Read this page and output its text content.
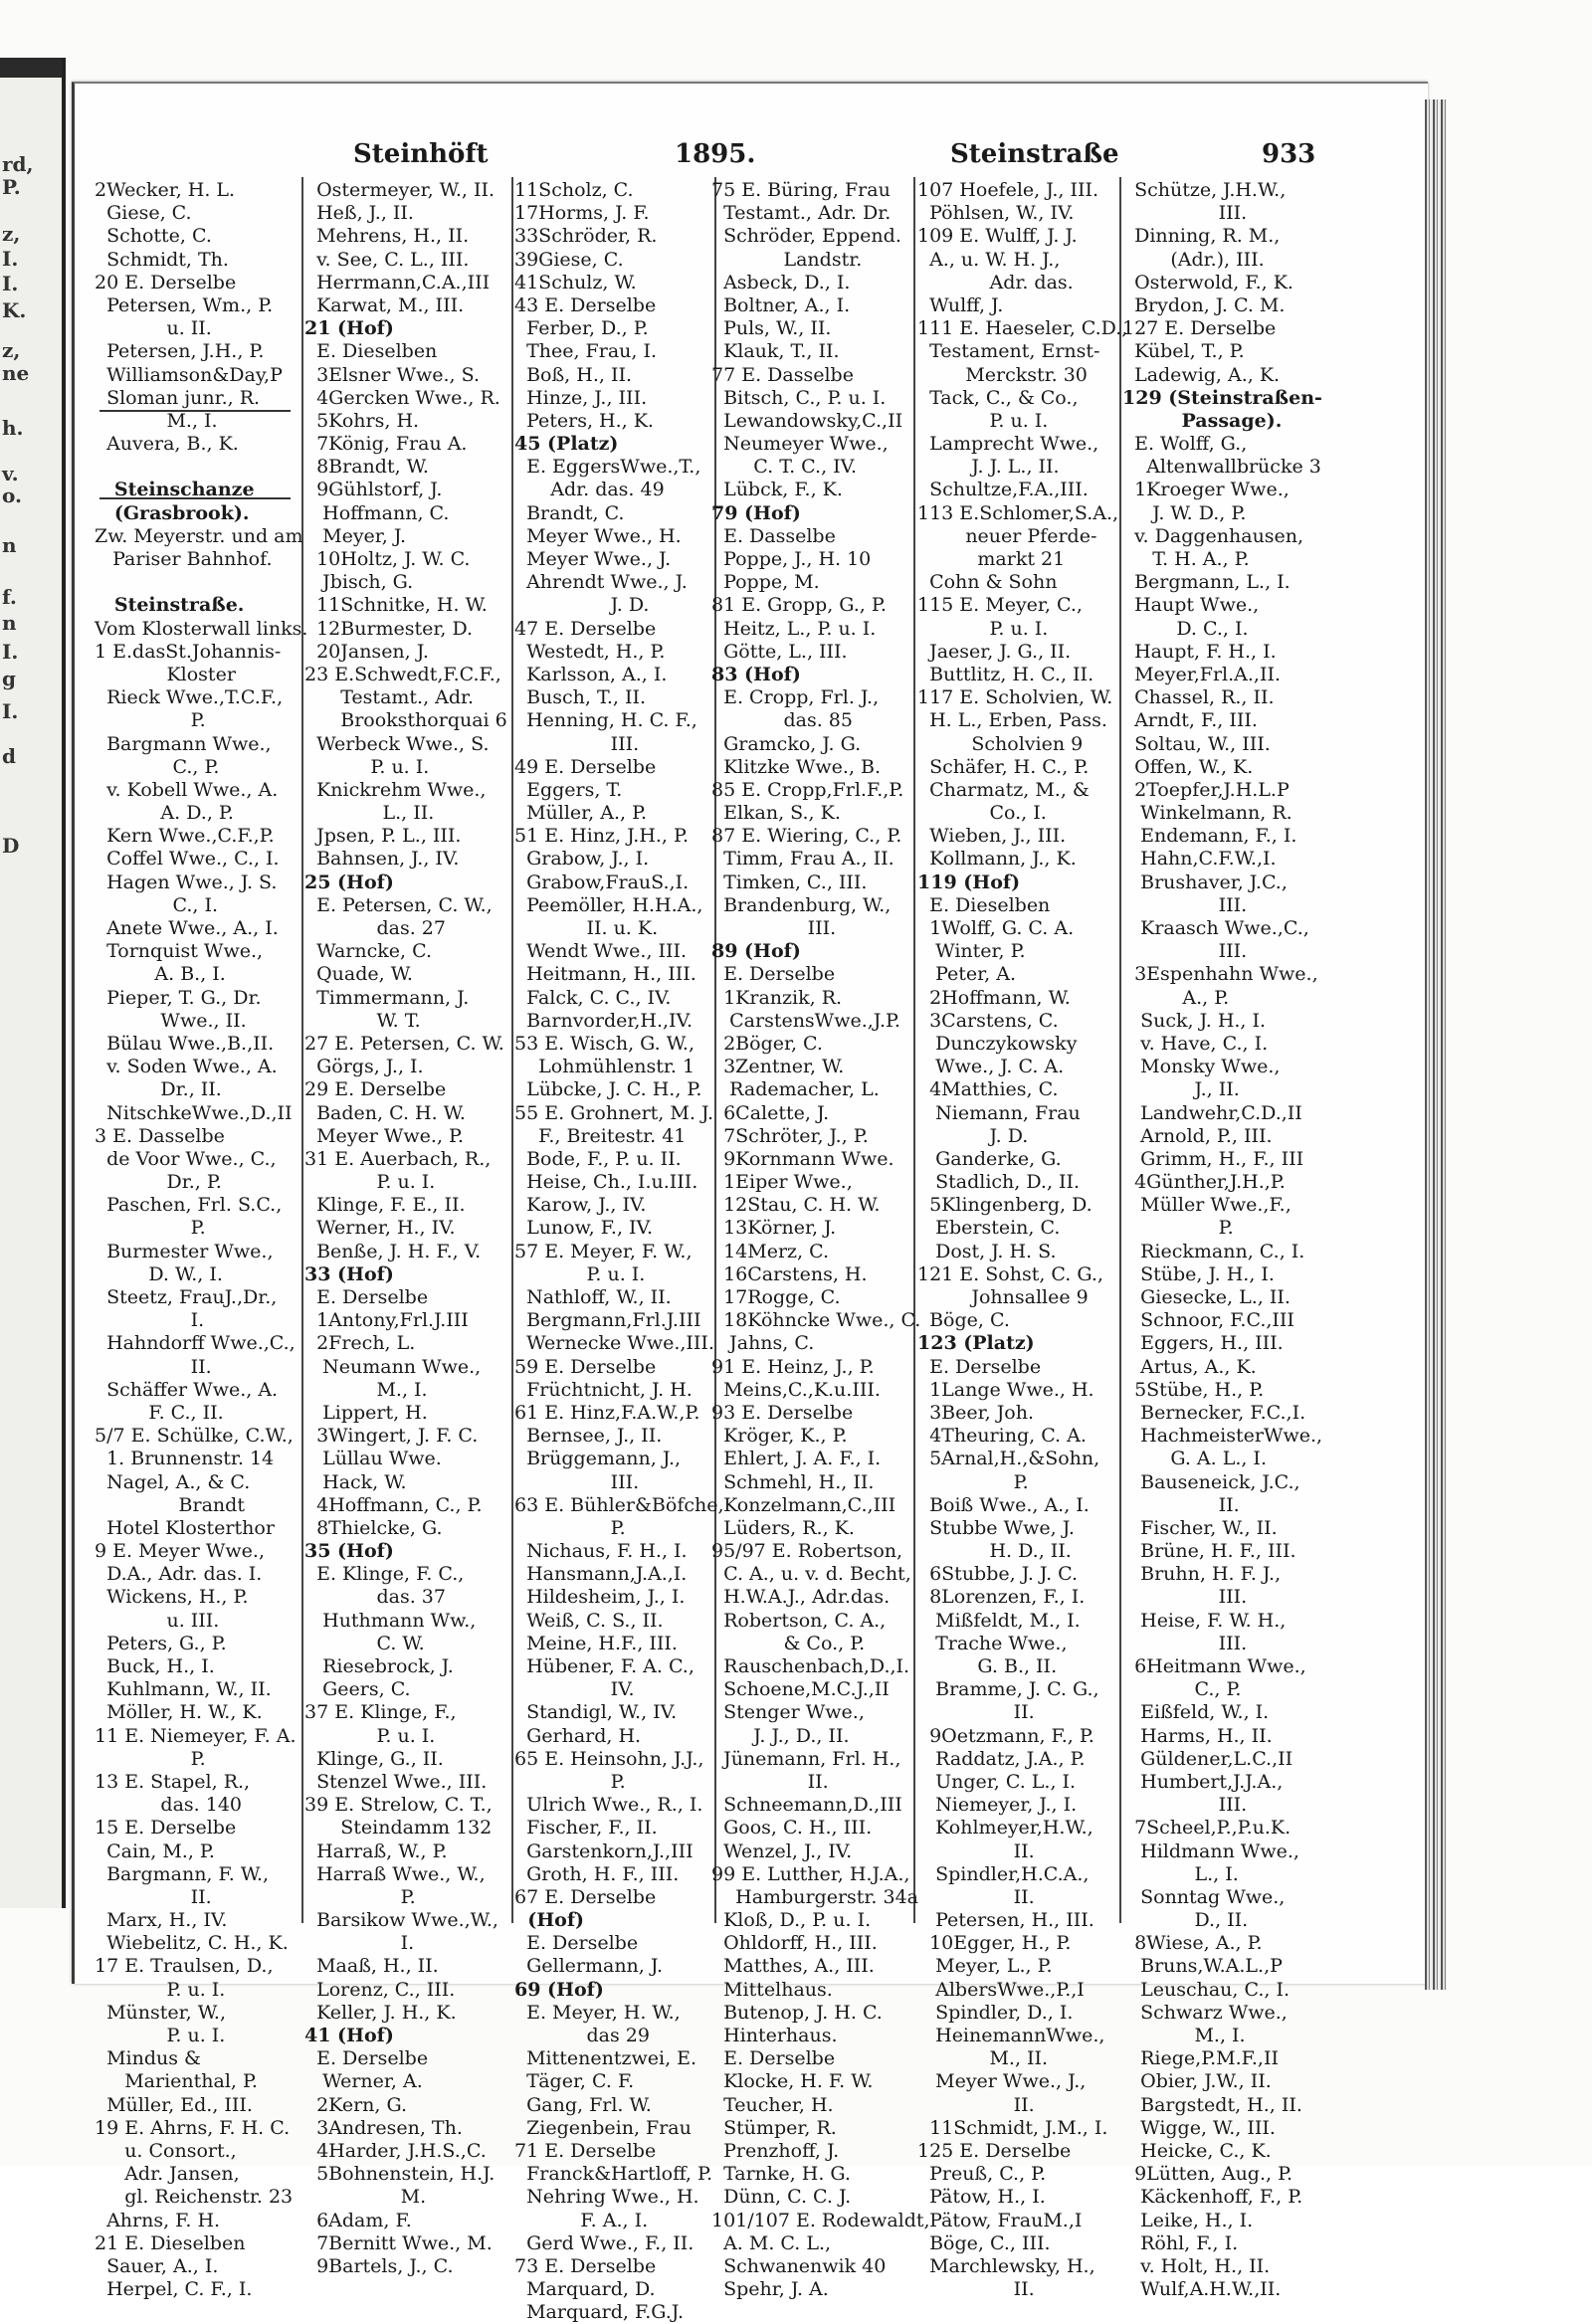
rd,
P.
z,
I.
I.
K.
z,
ne
h.
v.
o.
n
f.
n
I.
g
I.
d
D
Steinhöft	1895.	Steinstraße	933
2Wecker, H. L.
Giese, C.
Schotte, C.
Schmidt, Th.
20 E. Derselbe
Petersen, Wm., P.
u. II.
Petersen, J.H., P.
Williamson&Day,P
Sloman junr., R.
M., I.
Auvera, B., K.
Steinschanze
(Grasbrook).
Zw. Meyerstr. und am
Pariser Bahnhof.
Steinstraße.
Vom Klosterwall links.
1 E.dasSt.Johannis-
Kloster
Rieck Wwe.,T.C.F.,
P.
Bargmann Wwe.,
C., P.
v. Kobell Wwe., A.
A. D., P.
Kern Wwe.,C.F.,P.
Coffel Wwe., C., I.
Hagen Wwe., J. S.
C., I.
Anete Wwe., A., I.
Tornquist Wwe.,
A. B., I.
Pieper, T. G., Dr.
Wwe., II.
Bülau Wwe.,B.,II.
v. Soden Wwe., A.
Dr., II.
NitschkeWwe.,D.,II
3 E. Dasselbe
de Voor Wwe., C.,
Dr., P.
Paschen, Frl. S.C.,
P.
Burmester Wwe.,
D. W., I.
Steetz, FrauJ.,Dr.,
I.
Hahndorff Wwe.,C.,
II.
Schäffer Wwe., A.
F. C., II.
5/7 E. Schülke, C.W.,
1. Brunnenstr. 14
Nagel, A., & C.
Brandt
Hotel Klosterthor
9 E. Meyer Wwe.,
D.A., Adr. das. I.
Wickens, H., P.
u. III.
Peters, G., P.
Buck, H., I.
Kuhlmann, W., II.
Möller, H. W., K.
11 E. Niemeyer, F. A.
P.
13 E. Stapel, R.,
das. 140
15 E. Derselbe
Cain, M., P.
Bargmann, F. W.,
II.
Marx, H., IV.
Wiebelitz, C. H., K.
17 E. Traulsen, D.,
P. u. I.
Münster, W.,
P. u. I.
Mindus &
Marienthal, P.
Müller, Ed., III.
19 E. Ahrns, F. H. C.
u. Consort.,
Adr. Jansen,
gl. Reichenstr. 23
Ahrns, F. H.
21 E. Dieselben
Sauer, A., I.
Herpel, C. F., I.
Ostermeyer, W., II.
Heß, J., II.
Mehrens, H., II.
v. See, C. L., III.
Herrmann,C.A.,III
Karwat, M., III.
21 (Hof)
E. Dieselben
3Elsner Wwe., S.
4Gercken Wwe., R.
5Kohrs, H.
7König, Frau A.
8Brandt, W.
9Gühlstorf, J.
Hoffmann, C.
Meyer, J.
10Holtz, J. W. C.
Jbisch, G.
11Schnitke, H. W.
12Burmester, D.
20Jansen, J.
23 E.Schwedt,F.C.F.,
Testamt., Adr.
Brooksthorquai 6
Werbeck Wwe., S.
P. u. I.
Knickrehm Wwe.,
L., II.
Jpsen, P. L., III.
Bahnsen, J., IV.
25 (Hof)
E. Petersen, C. W.,
das. 27
Warncke, C.
Quade, W.
Timmermann, J.
W. T.
27 E. Petersen, C. W.
Görgs, J., I.
29 E. Derselbe
Baden, C. H. W.
Meyer Wwe., P.
31 E. Auerbach, R.,
P. u. I.
Klinge, F. E., II.
Werner, H., IV.
Benße, J. H. F., V.
33 (Hof)
E. Derselbe
1Antony,Frl.J.III
2Frech, L.
Neumann Wwe.,
M., I.
Lippert, H.
3Wingert, J. F. C.
Lüllau Wwe.
Hack, W.
4Hoffmann, C., P.
8Thielcke, G.
35 (Hof)
E. Klinge, F. C.,
das. 37
Huthmann Ww.,
C. W.
Riesebrock, J.
Geers, C.
37 E. Klinge, F.,
P. u. I.
Klinge, G., II.
Stenzel Wwe., III.
39 E. Strelow, C. T.,
Steindamm 132
Harraß, W., P.
Harraß Wwe., W.,
P.
Barsikow Wwe.,W.,
I.
Maaß, H., II.
Lorenz, C., III.
Keller, J. H., K.
41 (Hof)
E. Derselbe
Werner, A.
2Kern, G.
3Andresen, Th.
4Harder, J.H.S.,C.
5Bohnenstein, H.J.
M.
6Adam, F.
7Bernitt Wwe., M.
9Bartels, J., C.
11Scholz, C.
17Horms, J. F.
33Schröder, R.
39Giese, C.
41Schulz, W.
43 E. Derselbe
Ferber, D., P.
Thee, Frau, I.
Boß, H., II.
Hinze, J., III.
Peters, H., K.
45 (Platz)
E. EggersWwe.,T.,
Adr. das. 49
Brandt, C.
Meyer Wwe., H.
Meyer Wwe., J.
Ahrendt Wwe., J.
J. D.
47 E. Derselbe
Westedt, H., P.
Karlsson, A., I.
Busch, T., II.
Henning, H. C. F.,
III.
49 E. Derselbe
Eggers, T.
Müller, A., P.
51 E. Hinz, J.H., P.
Grabow, J., I.
Grabow,FrauS.,I.
Peemöller, H.H.A.,
II. u. K.
Wendt Wwe., III.
Heitmann, H., III.
Falck, C. C., IV.
Barnvorder,H.,IV.
53 E. Wisch, G. W.,
Lohmühlenstr. 1
Lübcke, J. C. H., P.
55 E. Grohnert, M. J.
F., Breitestr. 41
Bode, F., P. u. II.
Heise, Ch., I.u.III.
Karow, J., IV.
Lunow, F., IV.
57 E. Meyer, F. W.,
P. u. I.
Nathloff, W., II.
Bergmann,Frl.J.III
Wernecke Wwe.,III.
59 E. Derselbe
Früchtnicht, J. H.
61 E. Hinz,F.A.W.,P.
Bernsee, J., II.
Brüggemann, J.,
III.
63 E. Bühler&Böfche,
P.
Nichaus, F. H., I.
Hansmann,J.A.,I.
Hildesheim, J., I.
Weiß, C. S., II.
Meine, H.F., III.
Hübener, F. A. C.,
IV.
Standigl, W., IV.
Gerhard, H.
65 E. Heinsohn, J.J.,
P.
Ulrich Wwe., R., I.
Fischer, F., II.
Garstenkorn,J.,III
Groth, H. F., III.
67 E. Derselbe
(Hof)
E. Derselbe
Gellermann, J.
69 (Hof)
E. Meyer, H. W.,
das 29
Mittenentzwei, E.
Täger, C. F.
Gang, Frl. W.
Ziegenbein, Frau
71 E. Derselbe
Franck&Hartloff, P.
Nehring Wwe., H.
F. A., I.
Gerd Wwe., F., II.
73 E. Derselbe
Marquard, D.
Marquard, F.G.J.
75 E. Büring, Frau
Testamt., Adr. Dr.
Schröder, Eppend.
Landstr.
Asbeck, D., I.
Boltner, A., I.
Puls, W., II.
Klauk, T., II.
77 E. Dasselbe
Bitsch, C., P. u. I.
Lewandowsky,C.,II
Neumeyer Wwe.,
C. T. C., IV.
Lübck, F., K.
79 (Hof)
E. Dasselbe
Poppe, J., H. 10
Poppe, M.
81 E. Gropp, G., P.
Heitz, L., P. u. I.
Götte, L., III.
83 (Hof)
E. Cropp, Frl. J.,
das. 85
Gramcko, J. G.
Klitzke Wwe., B.
85 E. Cropp,Frl.F.,P.
Elkan, S., K.
87 E. Wiering, C., P.
Timm, Frau A., II.
Timken, C., III.
Brandenburg, W.,
III.
89 (Hof)
E. Derselbe
1Kranzik, R.
CarstensWwe.,J.P.
2Böger, C.
3Zentner, W.
Rademacher, L.
6Calette, J.
7Schröter, J., P.
9Kornmann Wwe.
1Eiper Wwe.,
12Stau, C. H. W.
13Körner, J.
14Merz, C.
16Carstens, H.
17Rogge, C.
18Köhncke Wwe., C.
Jahns, C.
91 E. Heinz, J., P.
Meins,C.,K.u.III.
93 E. Derselbe
Kröger, K., P.
Ehlert, J. A. F., I.
Schmehl, H., II.
Konzelmann,C.,III
Lüders, R., K.
95/97 E. Robertson,
C. A., u. v. d. Becht,
H.W.A.J., Adr.das.
Robertson, C. A.,
& Co., P.
Rauschenbach,D.,I.
Schoene,M.C.J.,II
Stenger Wwe.,
J. J., D., II.
Jünemann, Frl. H.,
II.
Schneemann,D.,III
Goos, C. H., III.
Wenzel, J., IV.
99 E. Lutther, H.J.A.,
Hamburgerstr. 34a
Kloß, D., P. u. I.
Ohldorff, H., III.
Matthes, A., III.
Mittelhaus.
Butenop, J. H. C.
Hinterhaus.
E. Derselbe
Klocke, H. F. W.
Teucher, H.
Stümper, R.
Prenzhoff, J.
Tarnke, H. G.
Dünn, C. C. J.
101/107 E. Rodewaldt,
A. M. C. L.,
Schwanenwik 40
Spehr, J. A.
107 Hoefele, J., III.
Pöhlsen, W., IV.
109 E. Wulff, J. J.
A., u. W. H. J.,
Adr. das.
Wulff, J.
111 E. Haeseler, C.D.,
Testament, Ernst-
Merckstr. 30
Tack, C., & Co.,
P. u. I.
Lamprecht Wwe.,
J. J. L., II.
Schultze,F.A.,III.
113 E.Schlomer,S.A.,
neuer Pferde-
markt 21
Cohn & Sohn
115 E. Meyer, C.,
P. u. I.
Jaeser, J. G., II.
Buttlitz, H. C., II.
117 E. Scholvien, W.
H. L., Erben, Pass.
Scholvien 9
Schäfer, H. C., P.
Charmatz, M., &
Co., I.
Wieben, J., III.
Kollmann, J., K.
119 (Hof)
E. Dieselben
1Wolff, G. C. A.
Winter, P.
Peter, A.
2Hoffmann, W.
3Carstens, C.
Dunczykowsky
Wwe., J. C. A.
4Matthies, C.
Niemann, Frau
J. D.
Ganderke, G.
Stadlich, D., II.
5Klingenberg, D.
Eberstein, C.
Dost, J. H. S.
121 E. Sohst, C. G.,
Johnsallee 9
Böge, C.
123 (Platz)
E. Derselbe
1Lange Wwe., H.
3Beer, Joh.
4Theuring, C. A.
5Arnal,H.,&Sohn,
P.
Boiß Wwe., A., I.
Stubbe Wwe, J.
H. D., II.
6Stubbe, J. J. C.
8Lorenzen, F., I.
Mißfeldt, M., I.
Trache Wwe.,
G. B., II.
Bramme, J. C. G.,
II.
9Oetzmann, F., P.
Raddatz, J.A., P.
Unger, C. L., I.
Niemeyer, J., I.
Kohlmeyer,H.W.,
II.
Spindler,H.C.A.,
II.
Petersen, H., III.
10Egger, H., P.
Meyer, L., P.
AlbersWwe.,P.,I
Spindler, D., I.
HeinemannWwe.,
M., II.
Meyer Wwe., J.,
II.
11Schmidt, J.M., I.
125 E. Derselbe
Preuß, C., P.
Pätow, H., I.
Pätow, FrauM.,I
Böge, C., III.
Marchlewsky, H.,
II.
Schütze, J.H.W.,
III.
Dinning, R. M.,
(Adr.), III.
Osterwold, F., K.
Brydon, J. C. M.
127 E. Derselbe
Kübel, T., P.
Ladewig, A., K.
129 (Steinstraßen-
Passage).
E. Wolff, G.,
Altenwallbrücke 3
1Kroeger Wwe.,
J. W. D., P.
v. Daggenhausen,
T. H. A., P.
Bergmann, L., I.
Haupt Wwe.,
D. C., I.
Haupt, F. H., I.
Meyer,Frl.A.,II.
Chassel, R., II.
Arndt, F., III.
Soltau, W., III.
Offen, W., K.
2Toepfer,J.H.L.P
Winkelmann, R.
Endemann, F., I.
Hahn,C.F.W.,I.
Brushaver, J.C.,
III.
Kraasch Wwe.,C.,
III.
3Espenhahn Wwe.,
A., P.
Suck, J. H., I.
v. Have, C., I.
Monsky Wwe.,
J., II.
Landwehr,C.D.,II
Arnold, P., III.
Grimm, H., F., III
4Günther,J.H.,P.
Müller Wwe.,F.,
P.
Rieckmann, C., I.
Stübe, J. H., I.
Giesecke, L., II.
Schnoor, F.C.,III
Eggers, H., III.
Artus, A., K.
5Stübe, H., P.
Bernecker, F.C.,I.
HachmeisterWwe.,
G. A. L., I.
Bauseneick, J.C.,
II.
Fischer, W., II.
Brüne, H. F., III.
Bruhn, H. F. J.,
III.
Heise, F. W. H.,
III.
6Heitmann Wwe.,
C., P.
Eißfeld, W., I.
Harms, H., II.
Güldener,L.C.,II
Humbert,J.J.A.,
III.
7Scheel,P.,P.u.K.
Hildmann Wwe.,
L., I.
Sonntag Wwe.,
D., II.
8Wiese, A., P.
Bruns,W.A.L.,P
Leuschau, C., I.
Schwarz Wwe.,
M., I.
Riege,P.M.F.,II
Obier, J.W., II.
Bargstedt, H., II.
Wigge, W., III.
Heicke, C., K.
9Lütten, Aug., P.
Käckenhoff, F., P.
Leike, H., I.
Röhl, F., I.
v. Holt, H., II.
Wulf,A.H.W.,II.
